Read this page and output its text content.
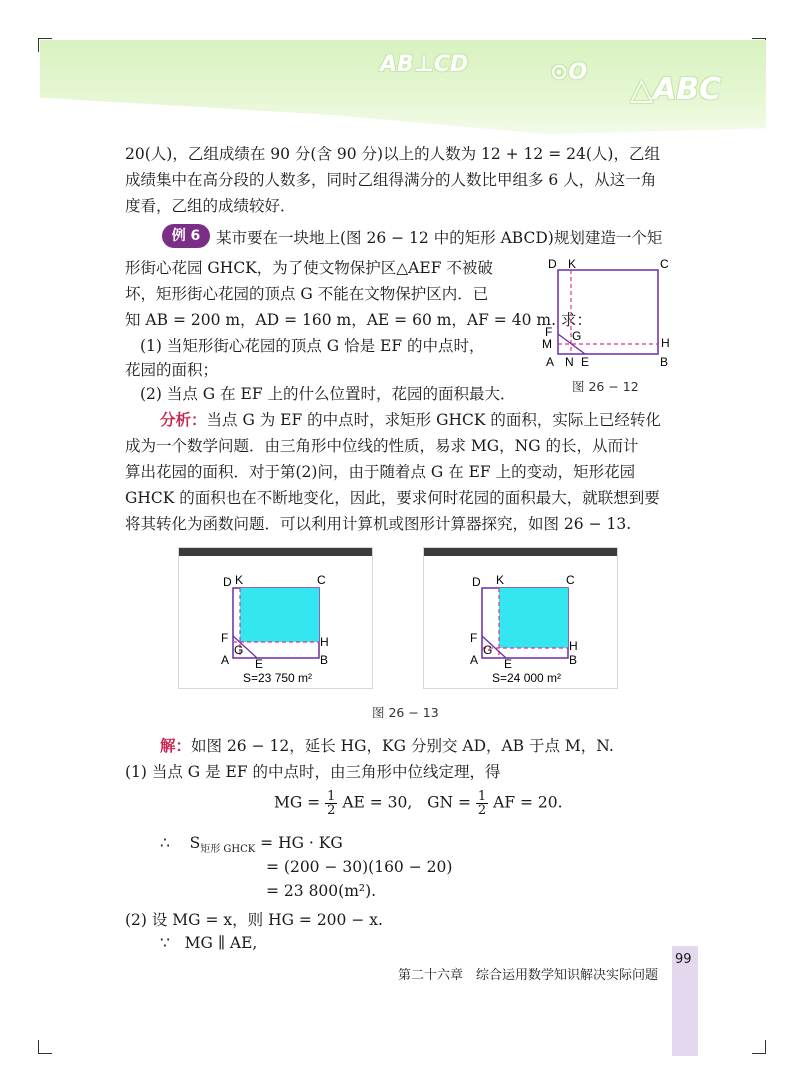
AB⊥CD	⊙O △ABC
20(人)，乙组成绩在 90 分(含 90 分)以上的人数为 12 + 12 = 24(人)，乙组
成绩集中在高分段的人数多，同时乙组得满分的人数比甲组多 6 人，从这一角
度看，乙组的成绩较好．
例 6	某市要在一块地上(图 26 − 12 中的矩形 ABCD)规划建造一个矩
形街心花园 GHCK，为了使文物保护区△AEF 不被破
坏，矩形街心花园的顶点 G 不能在文物保护区内．已
知 AB = 200 m，AD = 160 m，AE = 60 m，AF = 40 m. 求：
(1) 当矩形街心花园的顶点 G 恰是 EF 的中点时，
花园的面积；
(2) 当点 G 在 EF 上的什么位置时，花园的面积最大．
D K	C
F G	H
M
A N E	B
图 26 − 12
分析：当点 G 为 EF 的中点时，求矩形 GHCK 的面积，实际上已经转化
成为一个数学问题．由三角形中位线的性质，易求 MG，NG 的长，从而计
算出花园的面积．对于第(2)问，由于随着点 G 在 EF 上的变动，矩形花园
GHCK 的面积也在不断地变化，因此，要求何时花园的面积最大，就联想到要
将其转化为函数问题．可以利用计算机或图形计算器探究，如图 26 − 13.
D K	C
F
G
H
A E	B
S=23 750 m²
D K	C
F
G	H
A E	B
S=24 000 m²
图 26 − 13
解：如图 26 − 12，延长 HG，KG 分别交 AD，AB 于点 M，N.
(1) 当点 G 是 EF 的中点时，由三角形中位线定理，得
MG = $\frac{1}{2}$ AE = 30, GN = $\frac{1}{2}$ AF = 20.
∴ $S_{矩形 GHCK}$ = HG · KG
= (200 − 30)(160 − 20)
= 23 800(m²).
(2) 设 MG = x，则 HG = 200 − x.
∵ MG ∥ AE,
第二十六章　综合运用数学知识解决实际问题
99
